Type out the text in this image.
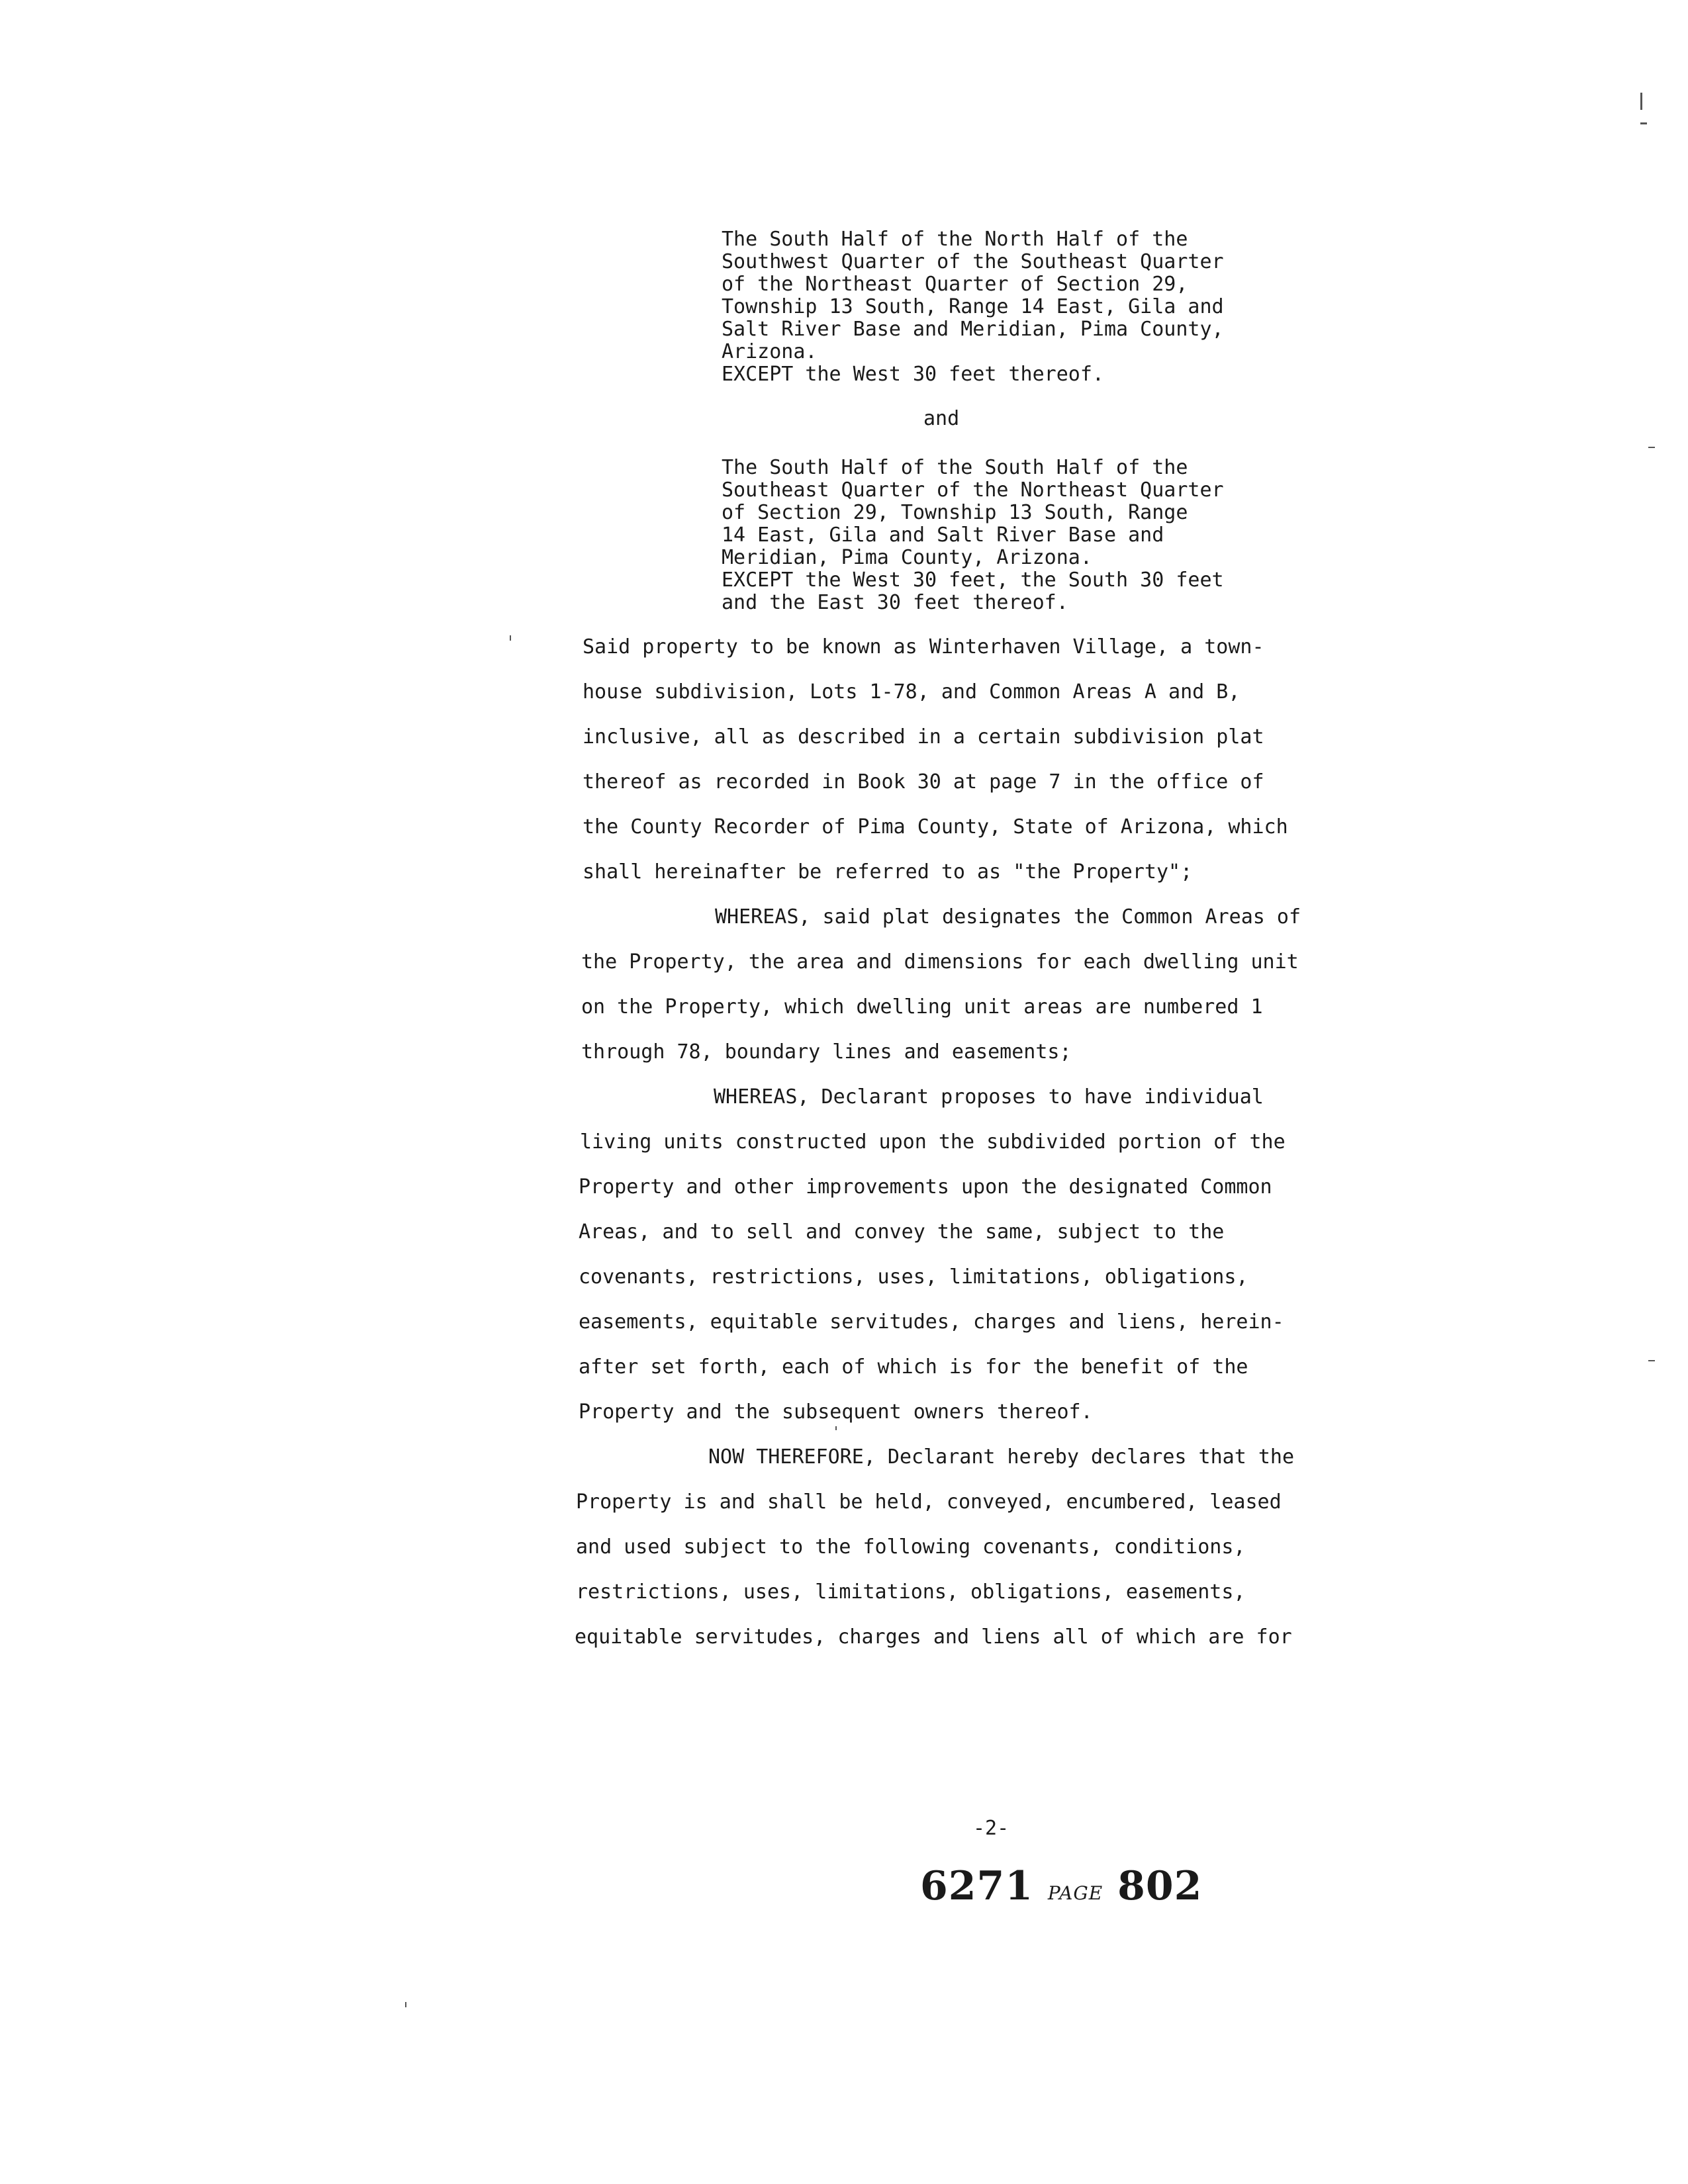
The South Half of the North Half of the
Southwest Quarter of the Southeast Quarter
of the Northeast Quarter of Section 29,
Township 13 South, Range 14 East, Gila and
Salt River Base and Meridian, Pima County,
Arizona.
EXCEPT the West 30 feet thereof.
and
The South Half of the South Half of the
Southeast Quarter of the Northeast Quarter
of Section 29, Township 13 South, Range
14 East, Gila and Salt River Base and
Meridian, Pima County, Arizona.
EXCEPT the West 30 feet, the South 30 feet
and the East 30 feet thereof.
Said property to be known as Winterhaven Village, a town-
house subdivision, Lots 1-78, and Common Areas A and B,
inclusive, all as described in a certain subdivision plat
thereof as recorded in Book 30 at page 7 in the office of
the County Recorder of Pima County, State of Arizona, which
shall hereinafter be referred to as "the Property";
WHEREAS, said plat designates the Common Areas of
the Property, the area and dimensions for each dwelling unit
on the Property, which dwelling unit areas are numbered 1
through 78, boundary lines and easements;
WHEREAS, Declarant proposes to have individual
living units constructed upon the subdivided portion of the
Property and other improvements upon the designated Common
Areas, and to sell and convey the same, subject to the
covenants, restrictions, uses, limitations, obligations,
easements, equitable servitudes, charges and liens, herein-
after set forth, each of which is for the benefit of the
Property and the subsequent owners thereof.
NOW THEREFORE, Declarant hereby declares that the
Property is and shall be held, conveyed, encumbered, leased
and used subject to the following covenants, conditions,
restrictions, uses, limitations, obligations, easements,
equitable servitudes, charges and liens all of which are for
-2-
6271 PAGE 802
